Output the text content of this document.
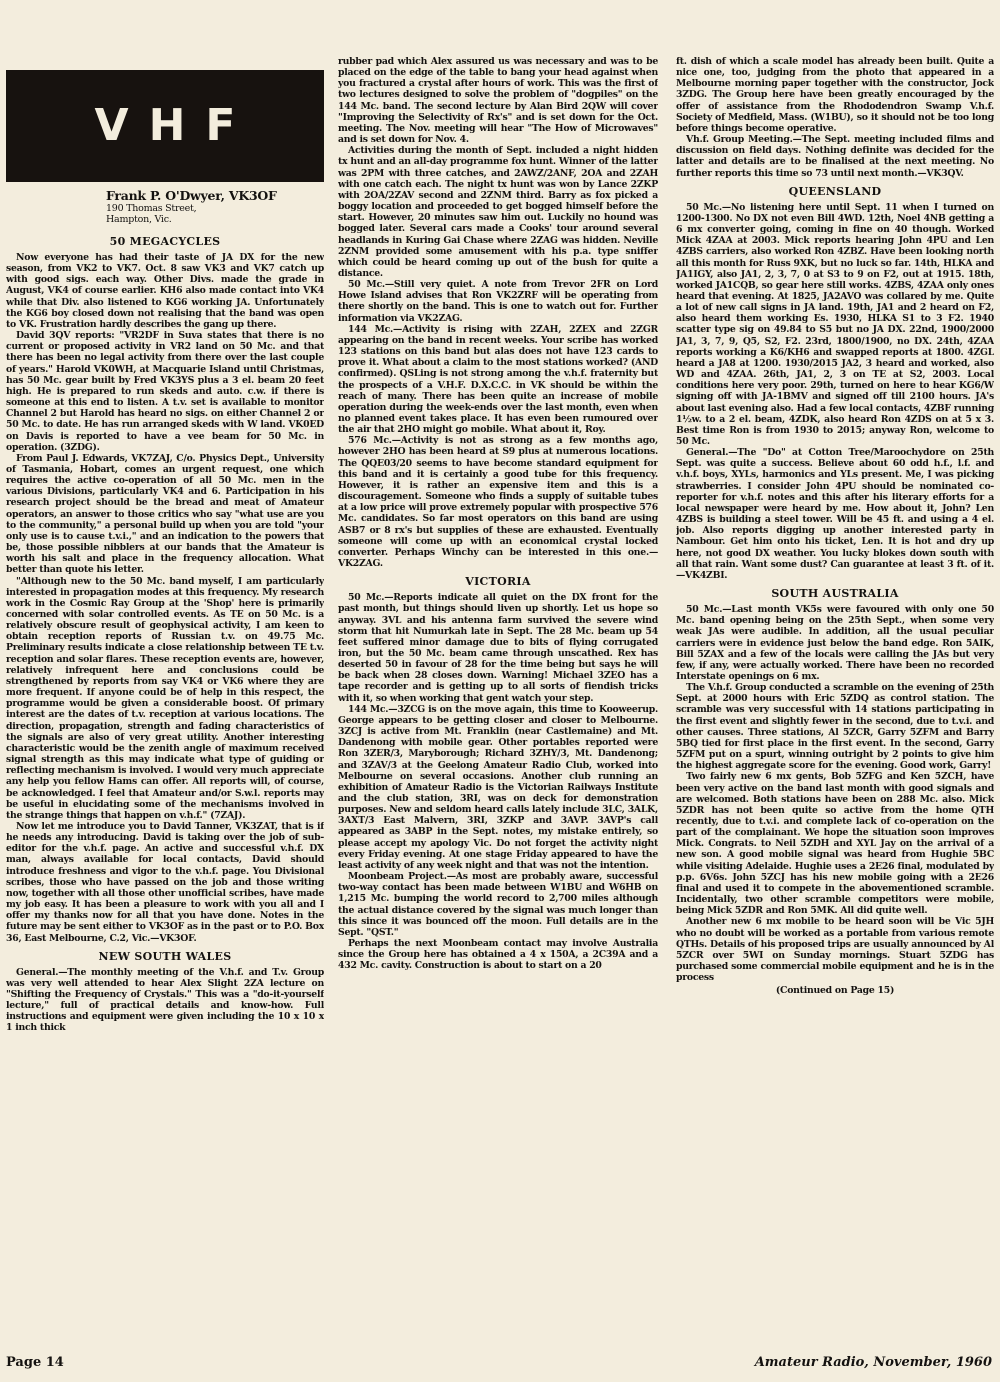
VHF
Frank P. O'Dwyer, VK3OF
190 Thomas Street,
Hampton, Vic.
50 MEGACYCLES

Now everyone has had their taste of JA DX for the new season, from VK2 to VK7. Oct. 8 saw VK3 and VK7 catch up with good sigs. each way. Other Divs. made the grade in August, VK4 of course earlier. KH6 also made contact into VK4 while that Div. also listened to KG6 working JA. Unfortunately the KG6 boy closed down not realising that the band was open to VK. Frustration hardly describes the gang up there.

David 3QV reports: "VR2DF in Suva states that there is no current or proposed activity in VR2 land on 50 Mc. and that there has been no legal activity from there over the last couple of years." Harold VK0WH, at Macquarie Island until Christmas, has 50 Mc. gear built by Fred VK3YS plus a 3 el. beam 20 feet high. He is prepared to run skeds and auto. c.w. if there is someone at this end to listen. A t.v. set is available to monitor Channel 2 but Harold has heard no sigs. on either Channel 2 or 50 Mc. to date. He has run arranged skeds with W land. VK0ED on Davis is reported to have a vee beam for 50 Mc. in operation. (3ZDG).

From Paul J. Edwards, VK7ZAJ, C/o. Physics Dept., University of Tasmania, Hobart, comes an urgent request, one which requires the active co-operation of all 50 Mc. men in the various Divisions, particularly VK4 and 6. Participation in his research project should be the bread and meat of Amateur operators, an answer to those critics who say "what use are you to the community," a personal build up when you are told "your only use is to cause t.v.i.," and an indication to the powers that be, those possible nibblers at our bands that the Amateur is worth his salt and place in the frequency allocation. What better than quote his letter.

"Although new to the 50 Mc. band myself, I am particularly interested in propagation modes at this frequency. My research work in the Cosmic Ray Group at the 'Shop' here is primarily concerned with solar controlled events. As TE on 50 Mc. is a relatively obscure result of geophysical activity, I am keen to obtain reception reports of Russian t.v. on 49.75 Mc. Preliminary results indicate a close relationship between TE t.v. reception and solar flares. These reception events are, however, relatively infrequent here and conclusions could be strengthened by reports from say VK4 or VK6 where they are more frequent. If anyone could be of help in this respect, the programme would be given a considerable boost. Of primary interest are the dates of t.v. reception at various locations. The direction, propagation, strength and fading characteristics of the signals are also of very great utility. Another interesting characteristic would be the zenith angle of maximum received signal strength as this may indicate what type of guiding or reflecting mechanism is involved. I would very much appreciate any help you fellow Hams can offer. All reports will, of course, be acknowledged. I feel that Amateur and/or S.w.l. reports may be useful in elucidating some of the mechanisms involved in the strange things that happen on v.h.f." (7ZAJ).

Now let me introduce you to David Tanner, VK3ZAT, that is if he needs any introducing. David is taking over the job of sub-editor for the v.h.f. page. An active and successful v.h.f. DX man, always available for local contacts, David should introduce freshness and vigor to the v.h.f. page. You Divisional scribes, those who have passed on the job and those writing now, together with all those other unofficial scribes, have made my job easy. It has been a pleasure to work with you all and I offer my thanks now for all that you have done. Notes in the future may be sent either to VK3OF as in the past or to P.O. Box 36, East Melbourne, C.2, Vic.—VK3OF.

NEW SOUTH WALES

General.—The monthly meeting of the V.h.f. and T.v. Group was very well attended to hear Alex Slight 2ZA lecture on "Shifting the Frequency of Crystals." This was a "do-it-yourself lecture," full of practical details and know-how. Full instructions and equipment were given including the 10 x 10 x 1 inch thick

rubber pad which Alex assured us was necessary and was to be placed on the edge of the table to bang your head against when you fractured a crystal after hours of work. This was the first of two lectures designed to solve the problem of "dogpiles" on the 144 Mc. band. The second lecture by Alan Bird 2QW will cover "Improving the Selectivity of Rx's" and is set down for the Oct. meeting. The Nov. meeting will hear "The How of Microwaves" and is set down for Nov. 4.

Activities during the month of Sept. included a night hidden tx hunt and an all-day programme fox hunt. Winner of the latter was 2PM with three catches, and 2AWZ/2ANF, 2OA and 2ZAH with one catch each. The night tx hunt was won by Lance 2ZKP with 2OA/2ZAV second and 2ZNM third. Barry as fox picked a boggy location and proceeded to get bogged himself before the start. However, 20 minutes saw him out. Luckily no hound was bogged later. Several cars made a Cooks' tour around several headlands in Kuring Gai Chase where 2ZAG was hidden. Neville 2ZNM provided some amusement with his p.a. type sniffer which could be heard coming up out of the bush for quite a distance.

50 Mc.—Still very quiet. A note from Trevor 2FR on Lord Howe Island advises that Ron VK2ZRF will be operating from there shortly on the band. This is one to watch out for. Further information via VK2ZAG.

144 Mc.—Activity is rising with 2ZAH, 2ZEX and 2ZGR appearing on the band in recent weeks. Your scribe has worked 123 stations on this band but alas does not have 123 cards to prove it. What about a claim to the most stations worked? (AND confirmed). QSLing is not strong among the v.h.f. fraternity but the prospects of a V.H.F. D.X.C.C. in VK should be within the reach of many. There has been quite an increase of mobile operation during the week-ends over the last month, even when no planned event takes place. It has even been rumoured over the air that 2HO might go mobile. What about it, Roy.

576 Mc.—Activity is not as strong as a few months ago, however 2HO has been heard at S9 plus at numerous locations. The QQE03/20 seems to have become standard equipment for this band and it is certainly a good tube for this frequency. However, it is rather an expensive item and this is a discouragement. Someone who finds a supply of suitable tubes at a low price will prove extremely popular with prospective 576 Mc. candidates. So far most operators on this band are using ASB7 or 8 rx's but supplies of these are exhausted. Eventually someone will come up with an economical crystal locked converter. Perhaps Winchy can be interested in this one.—VK2ZAG.

VICTORIA

50 Mc.—Reports indicate all quiet on the DX front for the past month, but things should liven up shortly. Let us hope so anyway. 3VL and his antenna farm survived the severe wind storm that hit Numurkah late in Sept. The 28 Mc. beam up 54 feet suffered minor damage due to bits of flying corrugated iron, but the 50 Mc. beam came through unscathed. Rex has deserted 50 in favour of 28 for the time being but says he will be back when 28 closes down. Warning! Michael 3ZEO has a tape recorder and is getting up to all sorts of fiendish tricks with it, so when working that gent watch your step.

144 Mc.—3ZCG is on the move again, this time to Kooweerup. George appears to be getting closer and closer to Melbourne. 3ZCJ is active from Mt. Franklin (near Castlemaine) and Mt. Dandenong with mobile gear. Other portables reported were Ron 3ZER/3, Maryborough; Richard 3ZHY/3, Mt. Dandenong; and 3ZAV/3 at the Geelong Amateur Radio Club, worked into Melbourne on several occasions. Another club running an exhibition of Amateur Radio is the Victorian Railways Institute and the club station, 3RI, was on deck for demonstration purposes. New and seldom heard calls lately include 3LC, 3ALK, 3AXT/3 East Malvern, 3RI, 3ZKP and 3AVP. 3AVP's call appeared as 3ABP in the Sept. notes, my mistake entirely, so please accept my apology Vic. Do not forget the activity night every Friday evening. At one stage Friday appeared to have the least activity of any week night and that was not the intention.

Moonbeam Project.—As most are probably aware, successful two-way contact has been made between W1BU and W6HB on 1,215 Mc. bumping the world record to 2,700 miles although the actual distance covered by the signal was much longer than this since it was bounced off the moon. Full details are in the Sept. "QST."

Perhaps the next Moonbeam contact may involve Australia since the Group here has obtained a 4 x 150A, a 2C39A and a 432 Mc. cavity. Construction is about to start on a 20

ft. dish of which a scale model has already been built. Quite a nice one, too, judging from the photo that appeared in a Melbourne morning paper together with the constructor, Jock 3ZDG. The Group here have been greatly encouraged by the offer of assistance from the Rhododendron Swamp V.h.f. Society of Medfield, Mass. (W1BU), so it should not be too long before things become operative.

Vh.f. Group Meeting.—The Sept. meeting included films and discussion on field days. Nothing definite was decided for the latter and details are to be finalised at the next meeting. No further reports this time so 73 until next month.—VK3QV.

QUEENSLAND

50 Mc.—No listening here until Sept. 11 when I turned on 1200-1300. No DX not even Bill 4WD. 12th, Noel 4NB getting a 6 mx converter going, coming in fine on 40 though. Worked Mick 4ZAA at 2003. Mick reports hearing John 4PU and Len 4ZBS carriers, also worked Ron 4ZBZ. Have been looking north all this month for Russ 9XK, but no luck so far. 14th, HLKA and JA1IGY, also JA1, 2, 3, 7, 0 at S3 to 9 on F2, out at 1915. 18th, worked JA1CQB, so gear here still works. 4ZBS, 4ZAA only ones heard that evening. At 1825, JA2AVO was collared by me. Quite a lot of new call signs in JA land. 19th, JA1 and 2 heard on F2, also heard them working Es. 1930, HLKA S1 to 3 F2. 1940 scatter type sig on 49.84 to S5 but no JA DX. 22nd, 1900/2000 JA1, 3, 7, 9, Q5, S2, F2. 23rd, 1800/1900, no DX. 24th, 4ZAA reports working a K6/KH6 and swapped reports at 1800. 4ZGL heard a JA8 at 1200. 1930/2015 JA2, 3 heard and worked, also WD and 4ZAA. 26th, JA1, 2, 3 on TE at S2, 2003. Local conditions here very poor. 29th, turned on here to hear KG6/W signing off with JA-1BMV and signed off till 2100 hours. JA's about last evening also. Had a few local contacts, 4ZBF running 1½w. to a 2 el. beam, 4ZDK, also heard Ron 4ZDS on at 5 x 3. Best time Ron is from 1930 to 2015; anyway Ron, welcome to 50 Mc.

General.—The "Do" at Cotton Tree/Maroochydore on 25th Sept. was quite a success. Believe about 60 odd h.f., l.f. and v.h.f. boys, XYLs, harmonics and YLs present. Me, I was picking strawberries. I consider John 4PU should be nominated co-reporter for v.h.f. notes and this after his literary efforts for a local newspaper were heard by me. How about it, John? Len 4ZBS is building a steel tower. Will be 45 ft. and using a 4 el. job. Also reports digging up another interested party in Nambour. Get him onto his ticket, Len. It is hot and dry up here, not good DX weather. You lucky blokes down south with all that rain. Want some dust? Can guarantee at least 3 ft. of it.—VK4ZBI.

SOUTH AUSTRALIA

50 Mc.—Last month VK5s were favoured with only one 50 Mc. band opening being on the 25th Sept., when some very weak JAs were audible. In addition, all the usual peculiar carriers were in evidence just below the band edge. Ron 5AIK, Bill 5ZAX and a few of the locals were calling the JAs but very few, if any, were actually worked. There have been no recorded Interstate openings on 6 mx.

The V.h.f. Group conducted a scramble on the evening of 25th Sept. at 2000 hours with Eric 5ZDQ as control station. The scramble was very successful with 14 stations participating in the first event and slightly fewer in the second, due to t.v.i. and other causes. Three stations, Al 5ZCR, Garry 5ZFM and Barry 5BQ tied for first place in the first event. In the second, Garry 5ZFM put on a spurt, winning outright by 2 points to give him the highest aggregate score for the evening. Good work, Garry!

Two fairly new 6 mx gents, Bob 5ZFG and Ken 5ZCH, have been very active on the band last month with good signals and are welcomed. Both stations have been on 288 Mc. also. Mick 5ZDR has not been quite so active from the home QTH recently, due to t.v.i. and complete lack of co-operation on the part of the complainant. We hope the situation soon improves Mick. Congrats. to Neil 5ZDH and XYL Jay on the arrival of a new son. A good mobile signal was heard from Hughie 5BC while visiting Adelaide. Hughie uses a 2E26 final, modulated by p.p. 6V6s. John 5ZCJ has his new mobile going with a 2E26 final and used it to compete in the abovementioned scramble. Incidentally, two other scramble competitors were mobile, being Mick 5ZDR and Ron 5MK. All did quite well.

Another new 6 mx mobile to be heard soon will be Vic 5JH who no doubt will be worked as a portable from various remote QTHs. Details of his proposed trips are usually announced by Al 5ZCR over 5WI on Sunday mornings. Stuart 5ZDG has purchased some commercial mobile equipment and he is in the process

(Continued on Page 15)
Page 14	Amateur Radio, November, 1960
